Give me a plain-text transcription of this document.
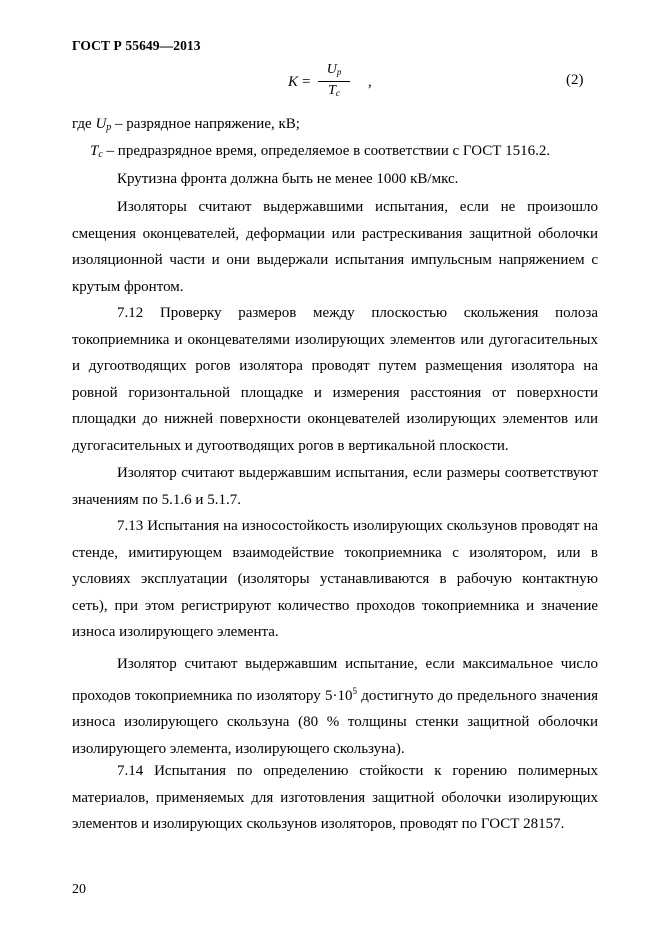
ГОСТ Р 55649—2013
$K = \frac{U_p}{T_c}$ ,	(2)
где $U_p$ – разрядное напряжение, кВ;
$T_c$ – предразрядное время, определяемое в соответствии с ГОСТ 1516.2.
Крутизна фронта должна быть не менее 1000 кВ/мкс.
Изоляторы считают выдержавшими испытания, если не произошло смещения оконцевателей, деформации или растрескивания защитной оболочки изоляционной части и они выдержали испытания импульсным напряжением с крутым фронтом.
7.12 Проверку размеров между плоскостью скольжения полоза токоприемника и оконцевателями изолирующих элементов или дугогасительных и дугоотводящих рогов изолятора проводят путем размещения изолятора на ровной горизонтальной площадке и измерения расстояния от поверхности площадки до нижней поверхности оконцевателей изолирующих элементов или дугогасительных и дугоотводящих рогов в вертикальной плоскости.
Изолятор считают выдержавшим испытания, если размеры соответствуют значениям по 5.1.6 и 5.1.7.
7.13 Испытания на износостойкость изолирующих скользунов проводят на стенде, имитирующем взаимодействие токоприемника с изолятором, или в условиях эксплуатации (изоляторы устанавливаются в рабочую контактную сеть), при этом регистрируют количество проходов токоприемника и значение износа изолирующего элемента.
Изолятор считают выдержавшим испытание, если максимальное число проходов токоприемника по изолятору $5\cdot 10^5$ достигнуто до предельного значения износа изолирующего скользуна (80 % толщины стенки защитной оболочки изолирующего элемента, изолирующего скользуна).
7.14 Испытания по определению стойкости к горению полимерных материалов, применяемых для изготовления защитной оболочки изолирующих элементов и изолирующих скользунов изоляторов, проводят по ГОСТ 28157.
20
